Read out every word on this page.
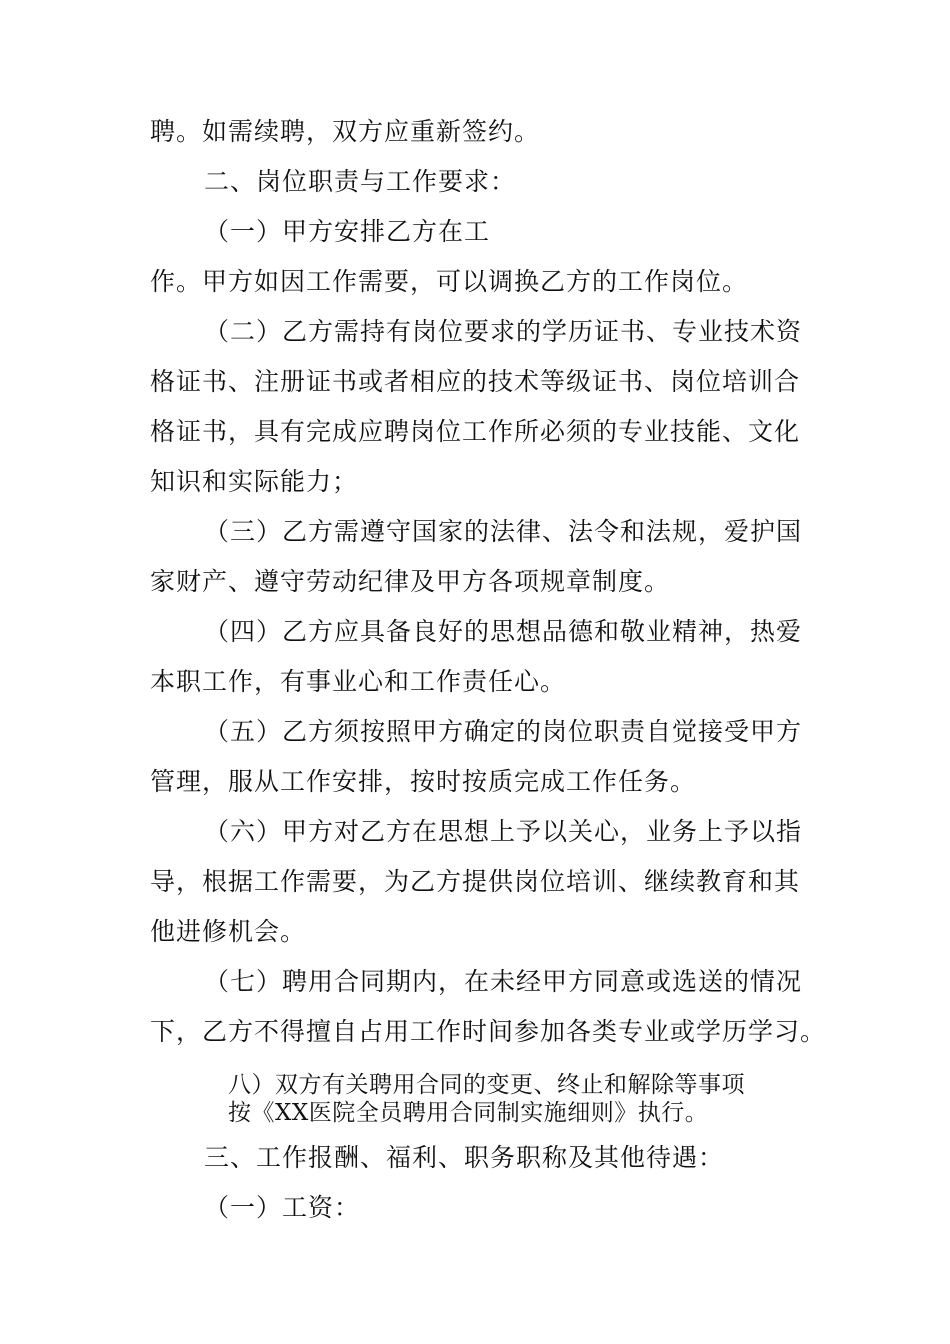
聘。如需续聘，双方应重新签约。
二、岗位职责与工作要求：
（一）甲方安排乙方在工
作。甲方如因工作需要，可以调换乙方的工作岗位。
（二）乙方需持有岗位要求的学历证书、专业技术资
格证书、注册证书或者相应的技术等级证书、岗位培训合
格证书，具有完成应聘岗位工作所必须的专业技能、文化
知识和实际能力；
（三）乙方需遵守国家的法律、法令和法规，爱护国
家财产、遵守劳动纪律及甲方各项规章制度。
（四）乙方应具备良好的思想品德和敬业精神，热爱
本职工作，有事业心和工作责任心。
（五）乙方须按照甲方确定的岗位职责自觉接受甲方
管理，服从工作安排，按时按质完成工作任务。
（六）甲方对乙方在思想上予以关心，业务上予以指
导，根据工作需要，为乙方提供岗位培训、继续教育和其
他进修机会。
（七）聘用合同期内，在未经甲方同意或选送的情况
下，乙方不得擅自占用工作时间参加各类专业或学历学习。
八）双方有关聘用合同的变更、终止和解除等事项
按《XX医院全员聘用合同制实施细则》执行。
三、工作报酬、福利、职务职称及其他待遇：
（一）工资：
